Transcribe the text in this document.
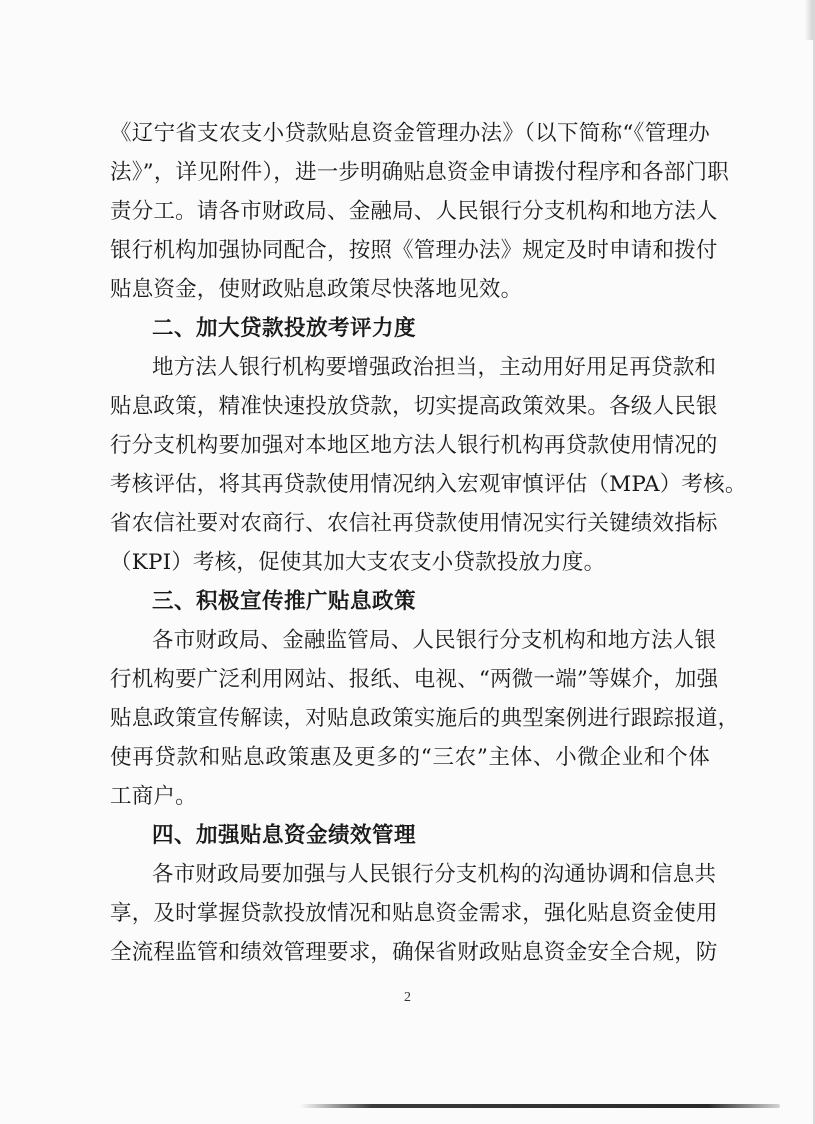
《辽宁省支农支小贷款贴息资金管理办法》（以下简称“《管理办
法》”，详见附件），进一步明确贴息资金申请拨付程序和各部门职
责分工。请各市财政局、金融局、人民银行分支机构和地方法人
银行机构加强协同配合，按照《管理办法》规定及时申请和拨付
贴息资金，使财政贴息政策尽快落地见效。
二、加大贷款投放考评力度
地方法人银行机构要增强政治担当，主动用好用足再贷款和
贴息政策，精准快速投放贷款，切实提高政策效果。各级人民银
行分支机构要加强对本地区地方法人银行机构再贷款使用情况的
考核评估，将其再贷款使用情况纳入宏观审慎评估（MPA）考核。
省农信社要对农商行、农信社再贷款使用情况实行关键绩效指标
（KPI）考核，促使其加大支农支小贷款投放力度。
三、积极宣传推广贴息政策
各市财政局、金融监管局、人民银行分支机构和地方法人银
行机构要广泛利用网站、报纸、电视、“两微一端”等媒介，加强
贴息政策宣传解读，对贴息政策实施后的典型案例进行跟踪报道，
使再贷款和贴息政策惠及更多的“三农”主体、小微企业和个体
工商户。
四、加强贴息资金绩效管理
各市财政局要加强与人民银行分支机构的沟通协调和信息共
享，及时掌握贷款投放情况和贴息资金需求，强化贴息资金使用
全流程监管和绩效管理要求，确保省财政贴息资金安全合规，防
2
